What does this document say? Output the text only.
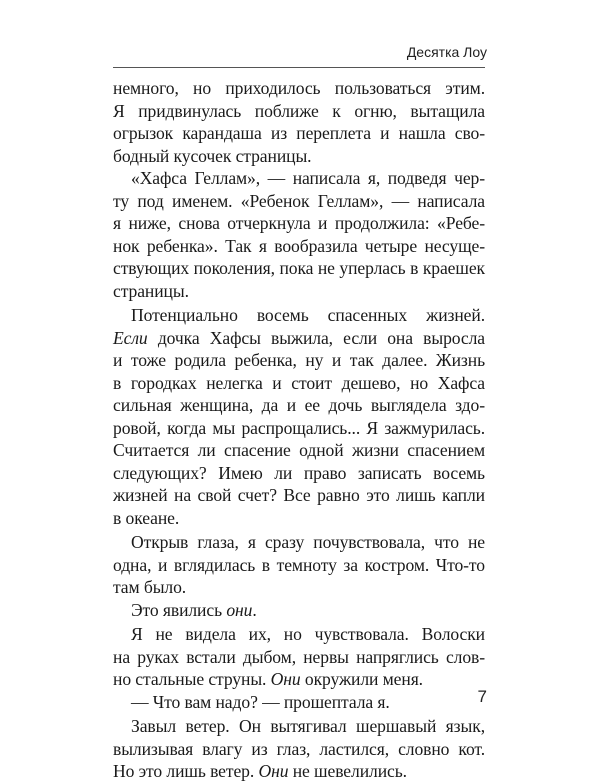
Десятка Лоу
немного, но приходилось пользоваться этим.
Я придвинулась поближе к огню, вытащила
огрызок карандаша из переплета и нашла сво-
бодный кусочек страницы.
«Хафса Геллам», — написала я, подведя чер-
ту под именем. «Ребенок Геллам», — написала
я ниже, снова отчеркнула и продолжила: «Ребе-
нок ребенка». Так я вообразила четыре несуще-
ствующих поколения, пока не уперлась в краешек
страницы.
Потенциально восемь спасенных жизней.
Если дочка Хафсы выжила, если она выросла
и тоже родила ребенка, ну и так далее. Жизнь
в городках нелегка и стоит дешево, но Хафса
сильная женщина, да и ее дочь выглядела здо-
ровой, когда мы распрощались... Я зажмурилась.
Считается ли спасение одной жизни спасением
следующих? Имею ли право записать восемь
жизней на свой счет? Все равно это лишь капли
в океане.
Открыв глаза, я сразу почувствовала, что не
одна, и вглядилась в темноту за костром. Что-то
там было.
Это явились они.
Я не видела их, но чувствовала. Волоски
на руках встали дыбом, нервы напряглись слов-
но стальные струны. Они окружили меня.
— Что вам надо? — прошептала я.
Завыл ветер. Он вытягивал шершавый язык,
вылизывая влагу из глаз, ластился, словно кот.
Но это лишь ветер. Они не шевелились.
7
